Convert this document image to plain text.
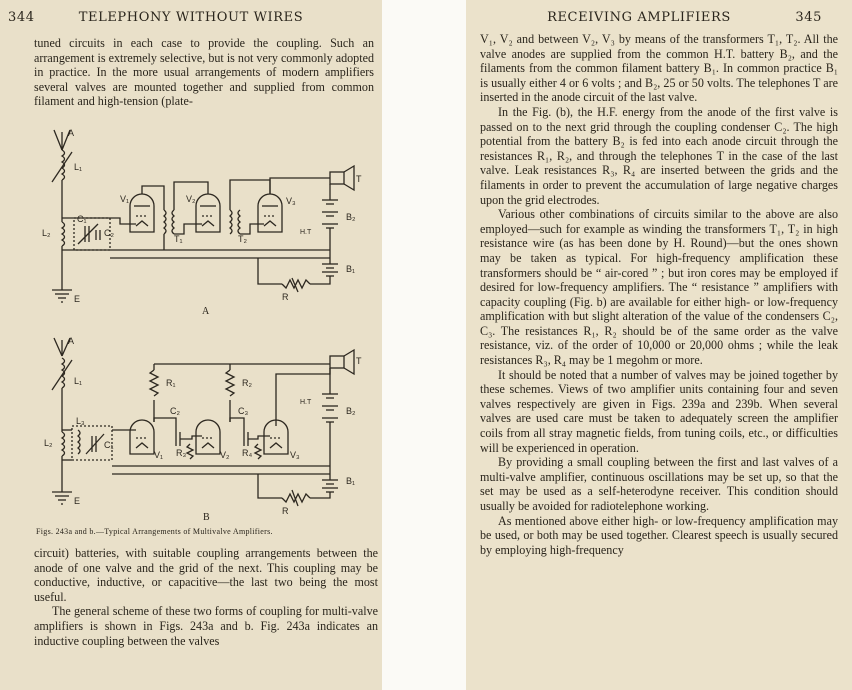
344	TELEPHONY WITHOUT WIRES

tuned circuits in each case to provide the coupling. Such an arrangement is extremely selective, but is not very commonly adopted in practice. In the more usual arrangements of modern amplifiers several valves are mounted together and supplied from common filament and high-tension (plate-

A
L₁
L₂
E
C₁
C₂
V₁	V₂	V₃
T₁	T₂
T
H.T
B₂
B₁
R
A
A
L₁
L₂
E
L₃
C₁
R₁	R₂
V₁	V₂	V₃
C₂	C₃
R₃	R₄
T
H.T
B₂
B₁
R
B
Figs. 243a and b.—Typical Arrangements of Multivalve Amplifiers.

circuit) batteries, with suitable coupling arrangements between the anode of one valve and the grid of the next. This coupling may be conductive, inductive, or capacitive—the last two being the most useful.

The general scheme of these two forms of coupling for multi-valve amplifiers is shown in Figs. 243a and b. Fig. 243a indicates an inductive coupling between the valves

RECEIVING AMPLIFIERS	345

V₁, V₂ and between V₂, V₃ by means of the transformers T₁, T₂. All the valve anodes are supplied from the common H.T. battery B₂, and the filaments from the common filament battery B₁. In common practice B₁ is usually either 4 or 6 volts ; and B₂, 25 or 50 volts. The telephones T are inserted in the anode circuit of the last valve.

In the Fig. (b), the H.F. energy from the anode of the first valve is passed on to the next grid through the coupling condenser C₂. The high potential from the battery B₂ is fed into each anode circuit through the resistances R₁, R₂, and through the telephones T in the case of the last valve. Leak resistances R₃, R₄ are inserted between the grids and the filaments in order to prevent the accumulation of large negative charges upon the grid electrodes.

Various other combinations of circuits similar to the above are also employed—such for example as winding the transformers T₁, T₂ in high resistance wire (as has been done by H. Round)—but the ones shown may be taken as typical. For high-frequency amplification these transformers should be “ air-cored ” ; but iron cores may be employed if desired for low-frequency amplifiers. The “ resistance ” amplifiers with capacity coupling (Fig. b) are available for either high- or low-frequency amplification with but slight alteration of the value of the condensers C₂, C₃. The resistances R₁, R₂ should be of the same order as the valve resistance, viz. of the order of 10,000 or 20,000 ohms ; while the leak resistances R₃, R₄ may be 1 megohm or more.

It should be noted that a number of valves may be joined together by these schemes. Views of two amplifier units containing four and seven valves respectively are given in Figs. 239a and 239b. When several valves are used care must be taken to adequately screen the amplifier coils from all stray magnetic fields, from tuning coils, etc., or difficulties will be experienced in operation.

By providing a small coupling between the first and last valves of a multi-valve amplifier, continuous oscillations may be set up, so that the set may be used as a self-heterodyne receiver. This condition should usually be avoided for radiotelephone working.

As mentioned above either high- or low-frequency amplification may be used, or both may be used together. Clearest speech is usually secured by employing high-frequency
